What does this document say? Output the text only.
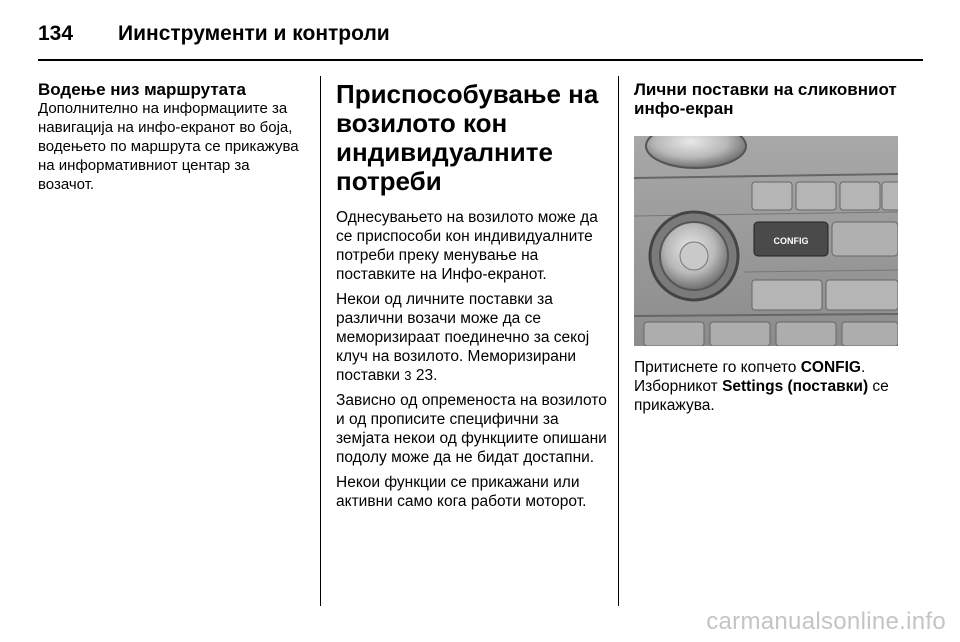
134 Иинструменти и контроли
Водење низ маршрутата

Дополнително на информациите за навигација на инфо-екранот во боја, водењето по маршрута се прикажува на информативниот центар за возачот.

Приспособување на возилото кон индивидуалните потреби

Однесувањето на возилото може да се приспособи кон индивидуалните потреби преку менување на поставките на Инфо-екранот.

Некои од личните поставки за различни возачи може да се меморизираат поединечно за секој клуч на возилото. Меморизирани поставки 3 23.

Зависно од опременоста на возилото и од прописите специфични за земјата некои од функциите опишани подолу може да не бидат достапни.

Некои функции се прикажани или активни само кога работи моторот.

Лични поставки на сликовниот инфо-екран
CONFIG

Притиснете го копчето CONFIG. Изборникот Settings (поставки) се прикажува.

carmanualsonline.info
